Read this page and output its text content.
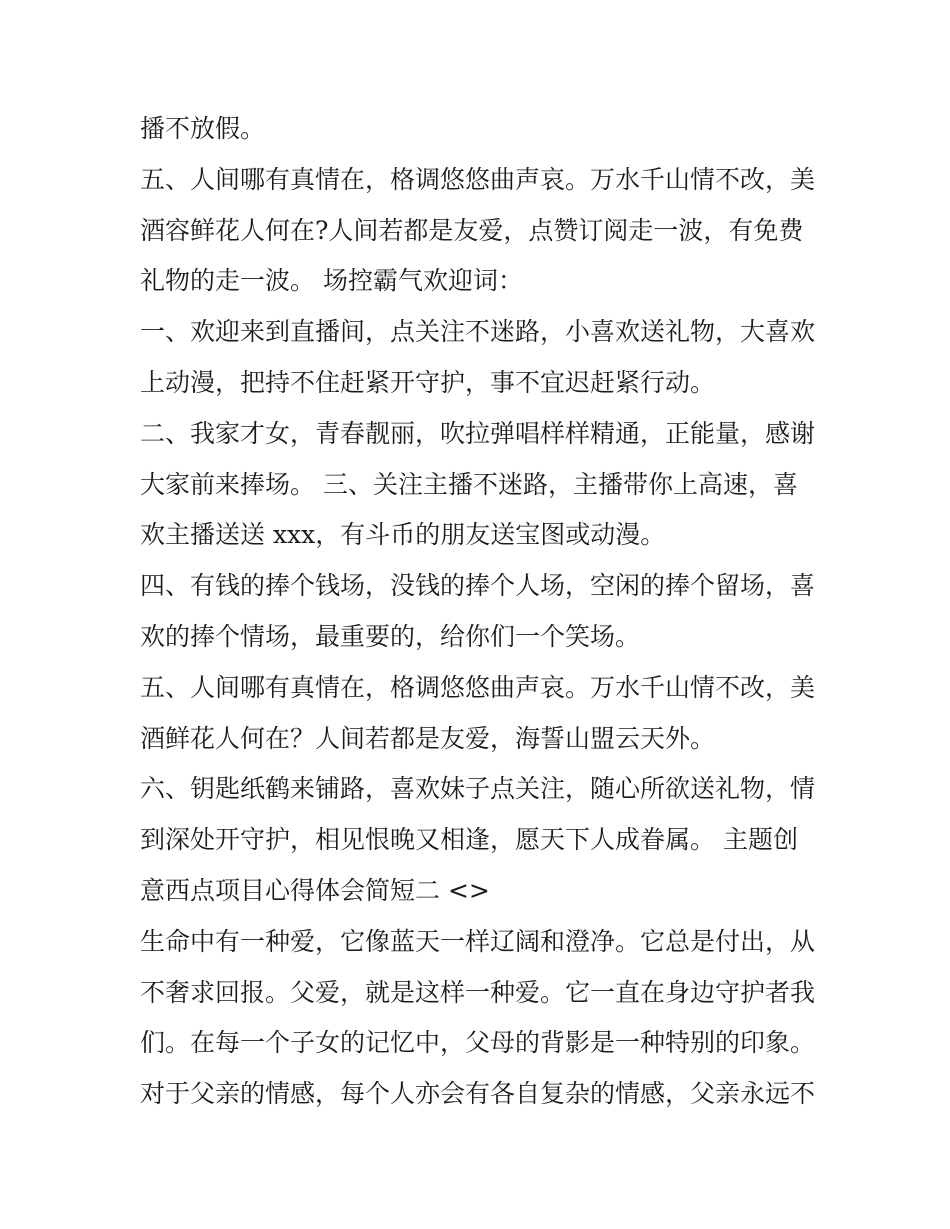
播不放假。
五、人间哪有真情在，格调悠悠曲声哀。万水千山情不改，美
酒容鲜花人何在?人间若都是友爱，点赞订阅走一波，有免费
礼物的走一波。 场控霸气欢迎词：
一、欢迎来到直播间，点关注不迷路，小喜欢送礼物，大喜欢
上动漫，把持不住赶紧开守护，事不宜迟赶紧行动。
二、我家才女，青春靓丽，吹拉弹唱样样精通，正能量，感谢
大家前来捧场。 三、关注主播不迷路，主播带你上高速，喜
欢主播送送 xxx，有斗币的朋友送宝图或动漫。
四、有钱的捧个钱场，没钱的捧个人场，空闲的捧个留场，喜
欢的捧个情场，最重要的，给你们一个笑场。
五、人间哪有真情在，格调悠悠曲声哀。万水千山情不改，美
酒鲜花人何在？人间若都是友爱，海誓山盟云天外。
六、钥匙纸鹤来铺路，喜欢妹子点关注，随心所欲送礼物，情
到深处开守护，相见恨晚又相逢，愿天下人成眷属。 主题创
意西点项目心得体会简短二 <>
生命中有一种爱，它像蓝天一样辽阔和澄净。它总是付出，从
不奢求回报。父爱，就是这样一种爱。它一直在身边守护者我
们。在每一个子女的记忆中，父母的背影是一种特别的印象。
对于父亲的情感，每个人亦会有各自复杂的情感，父亲永远不
